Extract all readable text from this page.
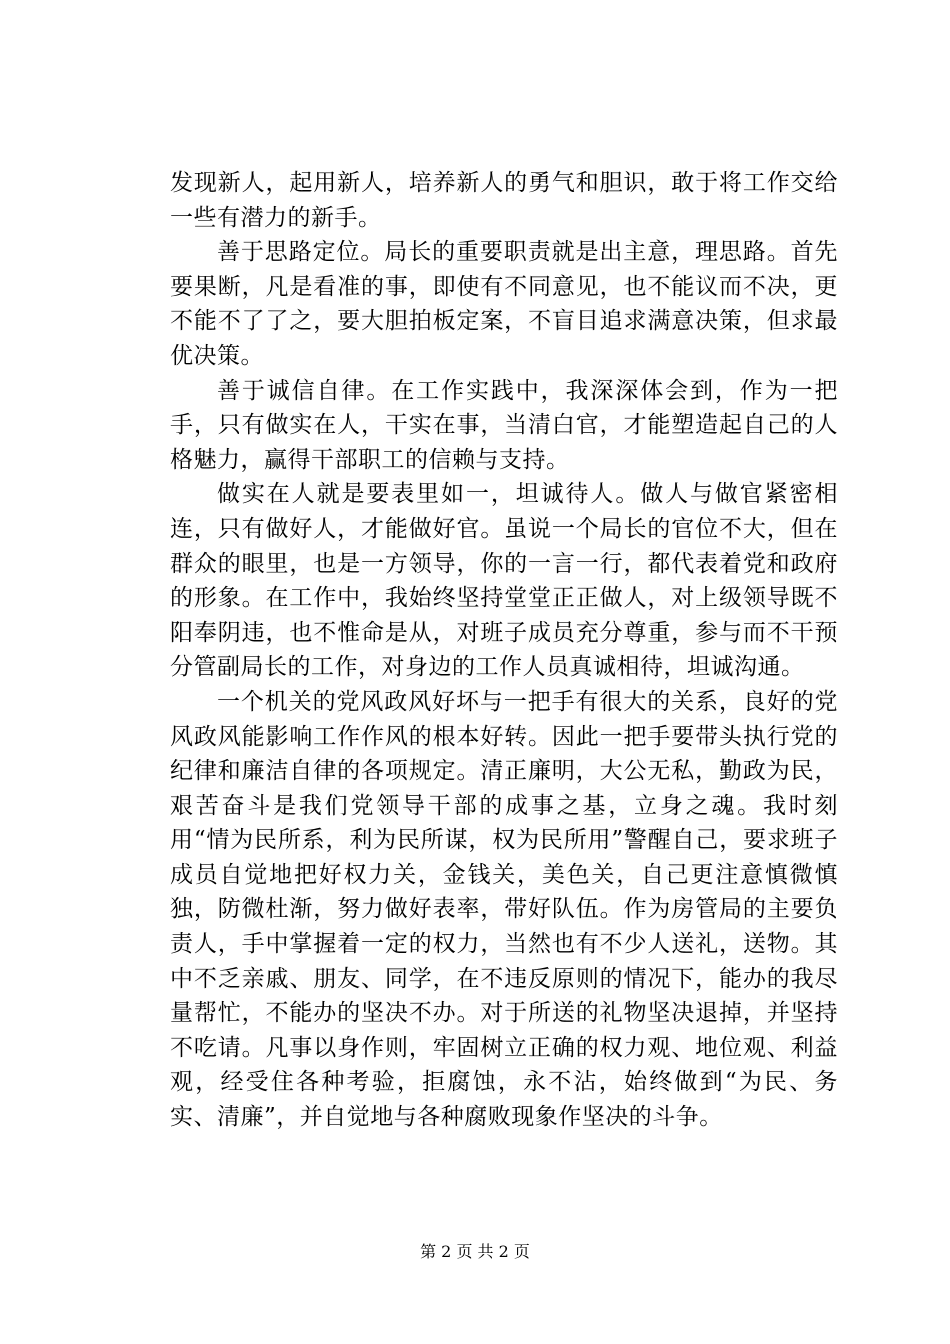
发现新人，起用新人，培养新人的勇气和胆识，敢于将工作交给一些有潜力的新手。

善于思路定位。局长的重要职责就是出主意，理思路。首先要果断，凡是看准的事，即使有不同意见，也不能议而不决，更不能不了了之，要大胆拍板定案，不盲目追求满意决策，但求最优决策。

善于诚信自律。在工作实践中，我深深体会到，作为一把手，只有做实在人，干实在事，当清白官，才能塑造起自己的人格魅力，赢得干部职工的信赖与支持。

做实在人就是要表里如一，坦诚待人。做人与做官紧密相连，只有做好人，才能做好官。虽说一个局长的官位不大，但在群众的眼里，也是一方领导，你的一言一行，都代表着党和政府的形象。在工作中，我始终坚持堂堂正正做人，对上级领导既不阳奉阴违，也不惟命是从，对班子成员充分尊重，参与而不干预分管副局长的工作，对身边的工作人员真诚相待，坦诚沟通。

一个机关的党风政风好坏与一把手有很大的关系，良好的党风政风能影响工作作风的根本好转。因此一把手要带头执行党的纪律和廉洁自律的各项规定。清正廉明，大公无私，勤政为民，艰苦奋斗是我们党领导干部的成事之基，立身之魂。我时刻用“情为民所系，利为民所谋，权为民所用”警醒自己，要求班子成员自觉地把好权力关，金钱关，美色关，自己更注意慎微慎独，防微杜渐，努力做好表率，带好队伍。作为房管局的主要负责人，手中掌握着一定的权力，当然也有不少人送礼，送物。其中不乏亲戚、朋友、同学，在不违反原则的情况下，能办的我尽量帮忙，不能办的坚决不办。对于所送的礼物坚决退掉，并坚持不吃请。凡事以身作则，牢固树立正确的权力观、地位观、利益观，经受住各种考验，拒腐蚀，永不沾，始终做到“为民、务实、清廉”，并自觉地与各种腐败现象作坚决的斗争。

第 2 页 共 2 页
